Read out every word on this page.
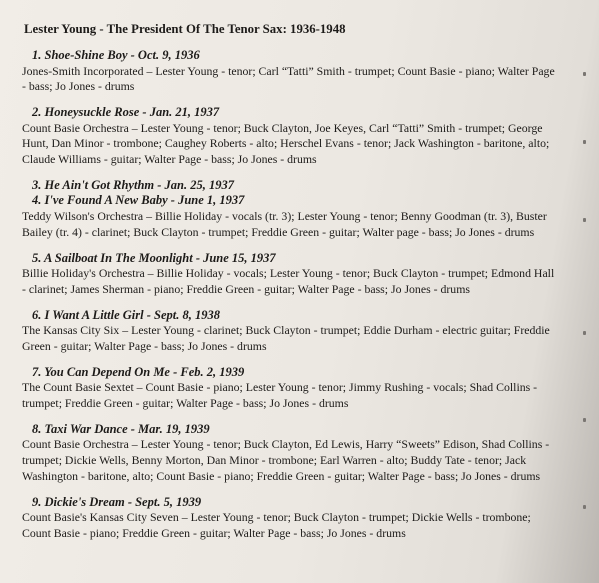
Lester Young - The President Of The Tenor Sax: 1936-1948
1. Shoe-Shine Boy - Oct. 9, 1936
Jones-Smith Incorporated – Lester Young - tenor; Carl “Tatti” Smith - trumpet; Count Basie - piano; Walter Page - bass; Jo Jones - drums
2. Honeysuckle Rose - Jan. 21, 1937
Count Basie Orchestra – Lester Young - tenor; Buck Clayton, Joe Keyes, Carl “Tatti” Smith - trumpet; George Hunt, Dan Minor - trombone; Caughey Roberts - alto; Herschel Evans - tenor; Jack Washington - baritone, alto; Claude Williams - guitar; Walter Page - bass; Jo Jones - drums
3. He Ain't Got Rhythm - Jan. 25, 1937
4. I've Found A New Baby - June 1, 1937
Teddy Wilson's Orchestra – Billie Holiday - vocals (tr. 3); Lester Young - tenor; Benny Goodman (tr. 3), Buster Bailey (tr. 4) - clarinet; Buck Clayton - trumpet; Freddie Green - guitar; Walter page - bass; Jo Jones - drums
5. A Sailboat In The Moonlight - June 15, 1937
Billie Holiday's Orchestra – Billie Holiday - vocals; Lester Young - tenor; Buck Clayton - trumpet; Edmond Hall - clarinet; James Sherman - piano; Freddie Green - guitar; Walter Page - bass; Jo Jones - drums
6. I Want A Little Girl - Sept. 8, 1938
The Kansas City Six – Lester Young - clarinet; Buck Clayton - trumpet; Eddie Durham - electric guitar; Freddie Green - guitar; Walter Page - bass; Jo Jones - drums
7. You Can Depend On Me - Feb. 2, 1939
The Count Basie Sextet – Count Basie - piano; Lester Young - tenor; Jimmy Rushing - vocals; Shad Collins - trumpet; Freddie Green - guitar; Walter Page - bass; Jo Jones - drums
8. Taxi War Dance - Mar. 19, 1939
Count Basie Orchestra – Lester Young - tenor; Buck Clayton, Ed Lewis, Harry “Sweets” Edison, Shad Collins - trumpet; Dickie Wells, Benny Morton, Dan Minor - trombone; Earl Warren - alto; Buddy Tate - tenor; Jack Washington - baritone, alto; Count Basie - piano; Freddie Green - guitar; Walter Page - bass; Jo Jones - drums
9. Dickie's Dream - Sept. 5, 1939
Count Basie's Kansas City Seven – Lester Young - tenor; Buck Clayton - trumpet; Dickie Wells - trombone; Count Basie - piano; Freddie Green - guitar; Walter Page - bass; Jo Jones - drums
